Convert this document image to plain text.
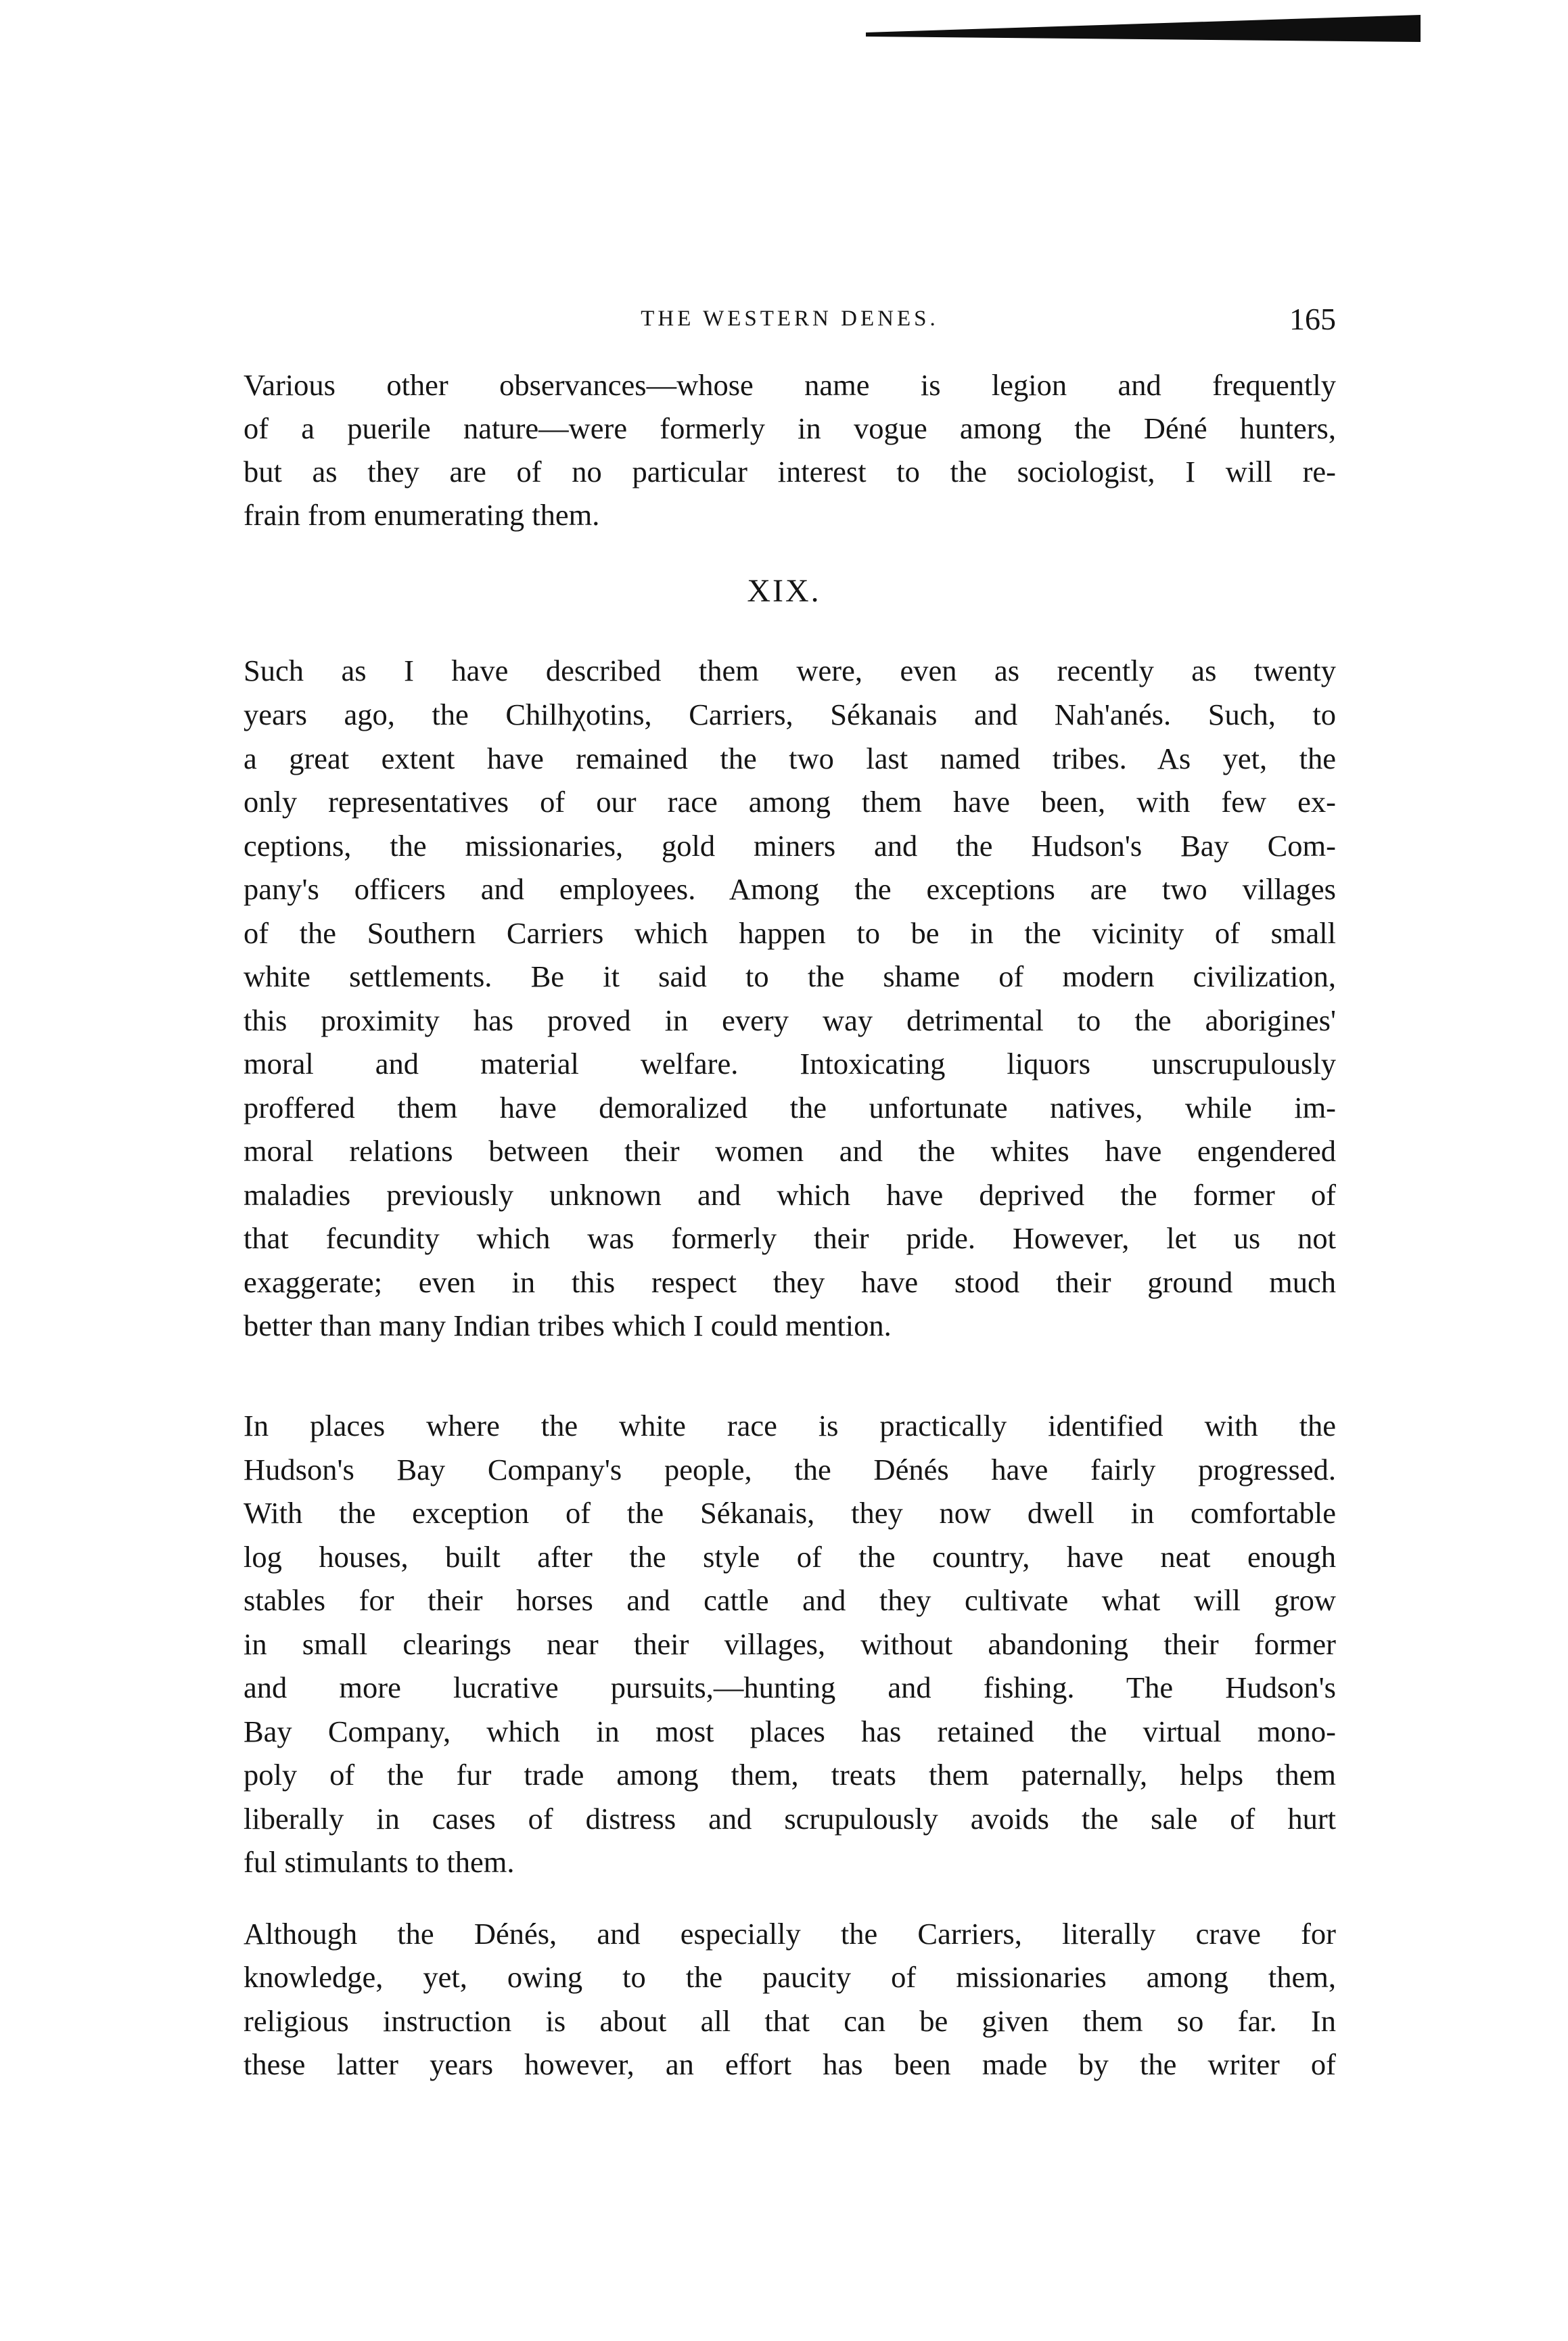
THE WESTERN DENES.	165
Various other observances—whose name is legion and frequently
of a puerile nature—were formerly in vogue among the Déné hunters,
but as they are of no particular interest to the sociologist, I will re-
frain from enumerating them.
XIX.
Such as I have described them were, even as recently as twenty
years ago, the Chilhχotins, Carriers, Sékanais and Nah'anés. Such, to
a great extent have remained the two last named tribes. As yet, the
only representatives of our race among them have been, with few ex-
ceptions, the missionaries, gold miners and the Hudson's Bay Com-
pany's officers and employees. Among the exceptions are two villages
of the Southern Carriers which happen to be in the vicinity of small
white settlements. Be it said to the shame of modern civilization,
this proximity has proved in every way detrimental to the aborigines'
moral and material welfare. Intoxicating liquors unscrupulously
proffered them have demoralized the unfortunate natives, while im-
moral relations between their women and the whites have engendered
maladies previously unknown and which have deprived the former of
that fecundity which was formerly their pride. However, let us not
exaggerate; even in this respect they have stood their ground much
better than many Indian tribes which I could mention.
In places where the white race is practically identified with the
Hudson's Bay Company's people, the Dénés have fairly progressed.
With the exception of the Sékanais, they now dwell in comfortable
log houses, built after the style of the country, have neat enough
stables for their horses and cattle and they cultivate what will grow
in small clearings near their villages, without abandoning their former
and more lucrative pursuits,—hunting and fishing. The Hudson's
Bay Company, which in most places has retained the virtual mono-
poly of the fur trade among them, treats them paternally, helps them
liberally in cases of distress and scrupulously avoids the sale of hurt
ful stimulants to them.
Although the Dénés, and especially the Carriers, literally crave for
knowledge, yet, owing to the paucity of missionaries among them,
religious instruction is about all that can be given them so far. In
these latter years however, an effort has been made by the writer of
